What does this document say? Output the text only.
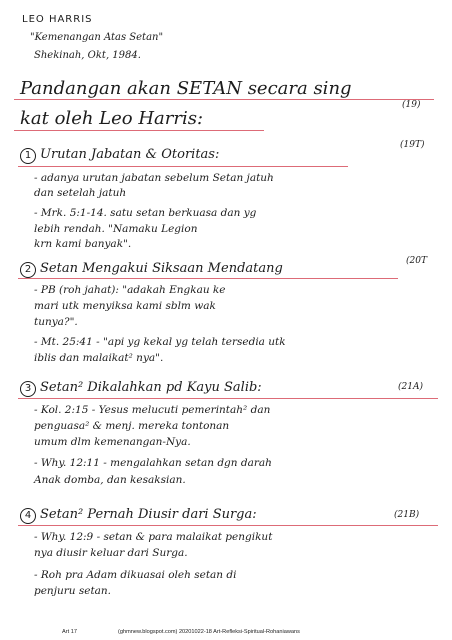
LEO HARRIS
"Kemenangan Atas Setan"
Shekinah, Okt, 1984.
Pandangan akan SETAN secara sing
(19)
kat oleh Leo Harris:
1 Urutan Jabatan & Otoritas:
(19T)
- adanya urutan jabatan sebelum Setan jatuh
dan setelah jatuh
- Mrk. 5:1-14. satu setan berkuasa dan yg
lebih rendah. "Namaku Legion
krn kami banyak".
2 Setan Mengakui Siksaan Mendatang	(20T
- PB (roh jahat): "adakah Engkau ke
mari utk menyiksa kami sblm wak
tunya?".
- Mt. 25:41 - "api yg kekal yg telah tersedia utk
iblis dan malaikat² nya".
3 Setan² Dikalahkan pd Kayu Salib:	(21A)
- Kol. 2:15 - Yesus melucuti pemerintah² dan
penguasa² & menj. mereka tontonan
umum dlm kemenangan-Nya.
- Why. 12:11 - mengalahkan setan dgn darah
Anak domba, dan kesaksian.
4 Setan² Pernah Diusir dari Surga:	(21B)
- Why. 12:9 - setan & para malaikat pengikut
nya diusir keluar dari Surga.
- Roh pra Adam dikuasai oleh setan di
penjuru setan.
Art 17	(ghmnew.blogspot.com) 20201022-18 Art-Refleksi-Spiritual-Rohaniawans
